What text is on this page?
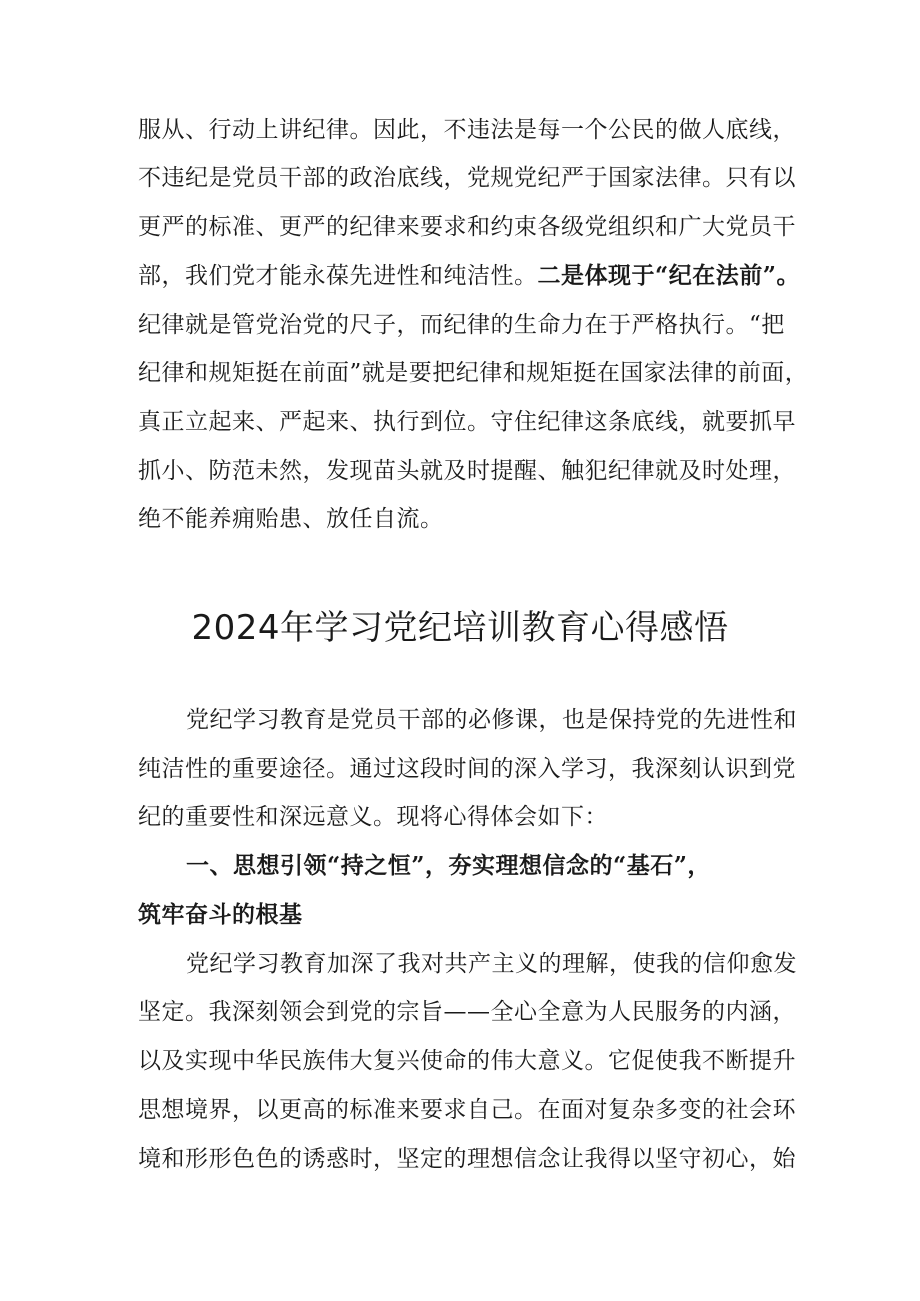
服从、行动上讲纪律。因此，不违法是每一个公民的做人底线，
不违纪是党员干部的政治底线，党规党纪严于国家法律。只有以
更严的标准、更严的纪律来要求和约束各级党组织和广大党员干
部，我们党才能永葆先进性和纯洁性。二是体现于“纪在法前”。
纪律就是管党治党的尺子，而纪律的生命力在于严格执行。“把
纪律和规矩挺在前面”就是要把纪律和规矩挺在国家法律的前面，
真正立起来、严起来、执行到位。守住纪律这条底线，就要抓早
抓小、防范未然，发现苗头就及时提醒、触犯纪律就及时处理，
绝不能养痈贻患、放任自流。
2024年学习党纪培训教育心得感悟
党纪学习教育是党员干部的必修课，也是保持党的先进性和
纯洁性的重要途径。通过这段时间的深入学习，我深刻认识到党
纪的重要性和深远意义。现将心得体会如下：
一、思想引领“持之恒”，夯实理想信念的“基石”，
筑牢奋斗的根基
党纪学习教育加深了我对共产主义的理解，使我的信仰愈发
坚定。我深刻领会到党的宗旨——全心全意为人民服务的内涵，
以及实现中华民族伟大复兴使命的伟大意义。它促使我不断提升
思想境界，以更高的标准来要求自己。在面对复杂多变的社会环
境和形形色色的诱惑时，坚定的理想信念让我得以坚守初心，始
